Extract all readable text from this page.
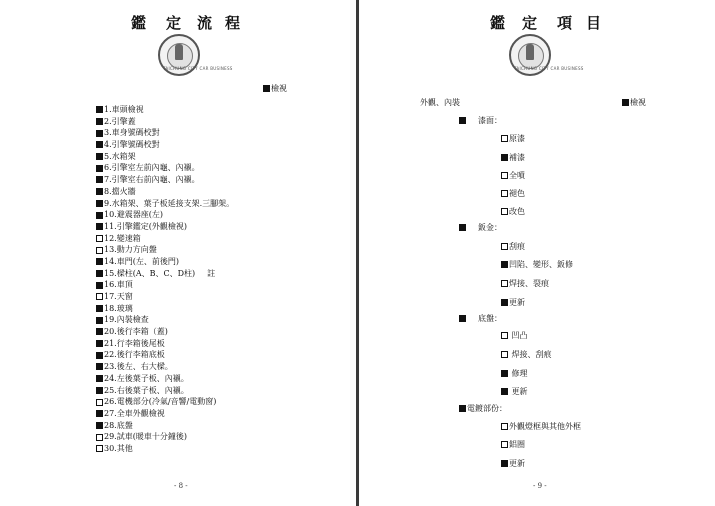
鑑 定 流 程
TAICHUNG CITY CAR BUSINESS
檢視
1.車頭檢視
2.引擎蓋
3.車身號碼校對
4.引擎號碼校對
5.水箱架
6.引擎室左前內龜、內襯。
7.引擎室右前內龜、內襯。
8.擋火牆
9.水箱架、葉子板延接支架.三腳架。
10.避震器座(左)
11.引擎鑑定(外觀檢視)
12.變速箱
13.動力方向盤
14.車門(左、前後門)
15.樑柱(A、B、C、D柱) 註
16.車頂
17.天窗
18.玻璃
19.內裝檢查
20.後行李箱（蓋)
21.行李箱後尾板
22.後行李箱底板
23.後左、右大樑。
24.左後葉子板、內襯。
25.右後葉子板、內襯。
26.電機部分(冷氣/音響/電動窗)
27.全車外觀檢視
28.底盤
29.試車(暖車十分鐘後)
30.其他
- 8 -
鑑 定 項 目
TAICHUNG CITY CAR BUSINESS
外觀、內裝	檢視
漆面：
原漆
補漆
全噴
褪色
改色
鈑金：
刮痕
凹陷、變形、鈑修
焊接、裂痕
更新
底盤：
凹凸
焊接、刮痕
修理
更新
電鍍部份：
外觀燈框與其他外框
鋁圈
更新
- 9 -
